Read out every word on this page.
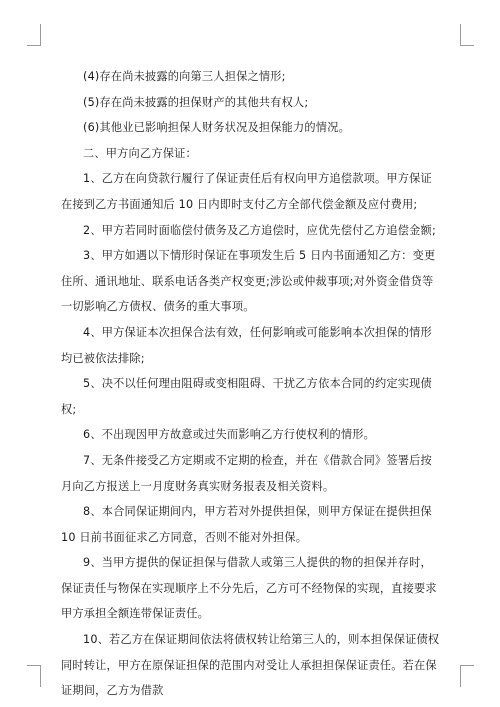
(4)存在尚未披露的向第三人担保之情形;

(5)存在尚未披露的担保财产的其他共有权人;

(6)其他业已影响担保人财务状况及担保能力的情况。

二、甲方向乙方保证：

1、乙方在向贷款行履行了保证责任后有权向甲方追偿款项。甲方保证在接到乙方书面通知后 10 日内即时支付乙方全部代偿金额及应付费用;

2、甲方若同时面临偿付债务及乙方追偿时，应优先偿付乙方追偿金额;

3、甲方如遇以下情形时保证在事项发生后 5 日内书面通知乙方：变更住所、通讯地址、联系电话各类产权变更;涉讼或仲裁事项;对外资金借贷等一切影响乙方债权、债务的重大事项。

4、甲方保证本次担保合法有效，任何影响或可能影响本次担保的情形均已被依法排除;

5、决不以任何理由阻碍或变相阻碍、干扰乙方依本合同的约定实现债权;

6、不出现因甲方故意或过失而影响乙方行使权利的情形。

7、无条件接受乙方定期或不定期的检查，并在《借款合同》签署后按月向乙方报送上一月度财务真实财务报表及相关资料。

8、本合同保证期间内，甲方若对外提供担保，则甲方保证在提供担保 10 日前书面征求乙方同意，否则不能对外担保。

9、当甲方提供的保证担保与借款人或第三人提供的物的担保并存时，保证责任与物保在实现顺序上不分先后，乙方可不经物保的实现，直接要求甲方承担全额连带保证责任。

10、若乙方在保证期间依法将债权转让给第三人的，则本担保保证债权同时转让，甲方在原保证担保的范围内对受让人承担担保保证责任。若在保证期间，乙方为借款
